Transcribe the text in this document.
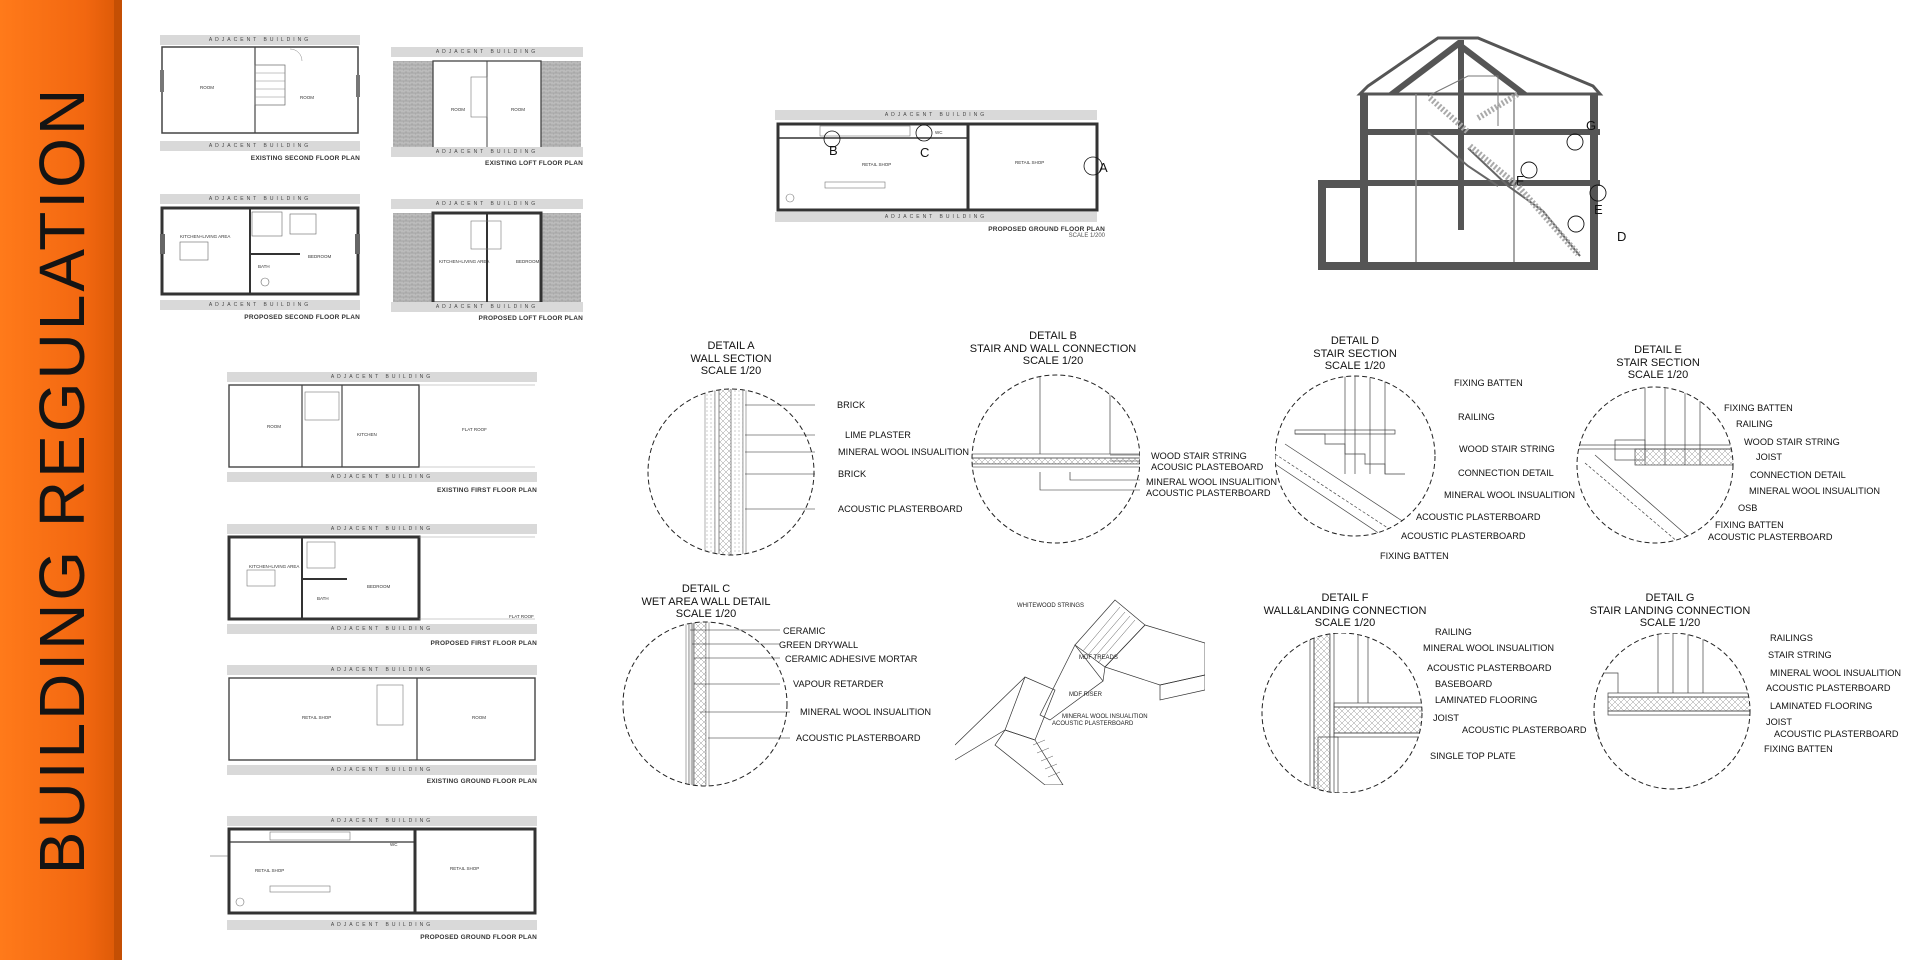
BUILDING REGULATION
ADJACENT BUILDING
ROOM
ROOM
ADJACENT BUILDING
EXISTING SECOND FLOOR PLAN
ADJACENT BUILDING
ROOM	ROOM
ADJACENT BUILDING
EXISTING LOFT FLOOR PLAN
ADJACENT BUILDING
KITCHEN+LIVING AREA
BEDROOM
BATH
ADJACENT BUILDING
PROPOSED SECOND FLOOR PLAN
ADJACENT BUILDING
KITCHEN+LIVING AREA	BEDROOM
ADJACENT BUILDING
PROPOSED LOFT FLOOR PLAN
ADJACENT BUILDING
ROOM
KITCHEN
FLAT ROOF
ADJACENT BUILDING
EXISTING FIRST FLOOR PLAN
ADJACENT BUILDING
KITCHEN+LIVING AREA
BEDROOM
BATH
FLAT ROOF
ADJACENT BUILDING
PROPOSED FIRST FLOOR PLAN
ADJACENT BUILDING
RETAIL SHOP	ROOM
ADJACENT BUILDING
EXISTING GROUND FLOOR PLAN
ADJACENT BUILDING
RETAIL SHOP	RETAIL SHOP
WC
ADJACENT BUILDING
PROPOSED GROUND FLOOR PLAN
ADJACENT BUILDING
B	C
A
RETAIL SHOP	RETAIL SHOP
WC
ADJACENT BUILDING
PROPOSED GROUND FLOOR PLAN
SCALE 1/200	D
E
F
G
DETAIL A
WALL SECTION
SCALE 1/20
BRICK
LIME PLASTER
MINERAL WOOL INSUALITION
BRICK
ACOUSTIC PLASTERBOARD
DETAIL B
STAIR AND WALL CONNECTION
SCALE 1/20
WOOD STAIR STRING
ACOUSIC PLASTEBOARD
MINERAL WOOL INSUALITION
ACOUSTIC PLASTERBOARD
DETAIL C
WET AREA WALL DETAIL
SCALE 1/20
CERAMIC
GREEN DRYWALL
CERAMIC ADHESIVE MORTAR
VAPOUR RETARDER
MINERAL WOOL INSUALITION
ACOUSTIC PLASTERBOARD
WHITEWOOD STRINGS
MDF TREADS
MDF RISER
MINERAL WOOL INSUALITION
ACOUSTIC PLASTERBOARD
DETAIL D
STAIR SECTION
SCALE 1/20
FIXING BATTEN
RAILING
WOOD STAIR STRING
CONNECTION DETAIL
MINERAL WOOL INSUALITION
ACOUSTIC PLASTERBOARD
ACOUSTIC PLASTERBOARD
FIXING BATTEN
DETAIL E
STAIR SECTION
SCALE 1/20
FIXING BATTEN
RAILING
WOOD STAIR STRING
JOIST
CONNECTION DETAIL
MINERAL WOOL INSUALITION
OSB
FIXING BATTEN
ACOUSTIC PLASTERBOARD
DETAIL F
WALL&LANDING CONNECTION
SCALE 1/20
RAILING
MINERAL WOOL INSUALITION
ACOUSTIC PLASTERBOARD
BASEBOARD
LAMINATED FLOORING
JOIST
ACOUSTIC PLASTERBOARD
SINGLE TOP PLATE
DETAIL G
STAIR LANDING CONNECTION
SCALE 1/20
RAILINGS
STAIR STRING
MINERAL WOOL INSUALITION
ACOUSTIC PLASTERBOARD
LAMINATED FLOORING
JOIST
ACOUSTIC PLASTERBOARD
FIXING BATTEN
